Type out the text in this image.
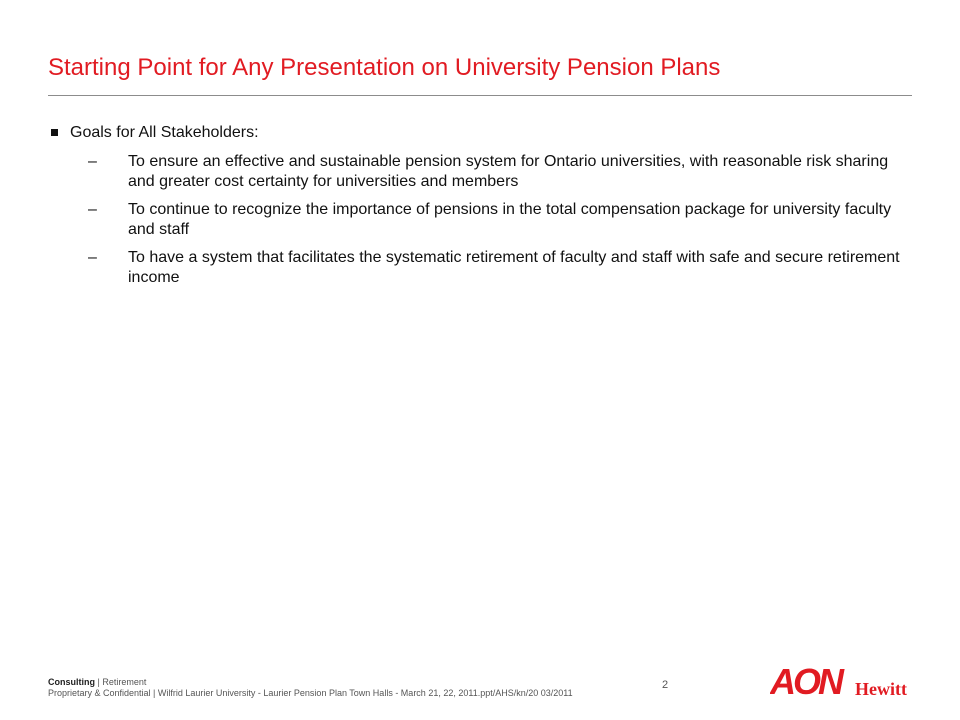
Starting Point for Any Presentation on University Pension Plans
Goals for All Stakeholders:
–	To ensure an effective and sustainable pension system for Ontario universities, with reasonable risk sharing and greater cost certainty for universities and members
–	To continue to recognize the importance of pensions in the total compensation package for university faculty and staff
–	To have a system that facilitates the systematic retirement of faculty and staff with safe and secure retirement income
Consulting | Retirement
Proprietary & Confidential | Wilfrid Laurier University - Laurier Pension Plan Town Halls - March 21, 22, 2011.ppt/AHS/kn/20 03/2011
2	AON Hewitt
